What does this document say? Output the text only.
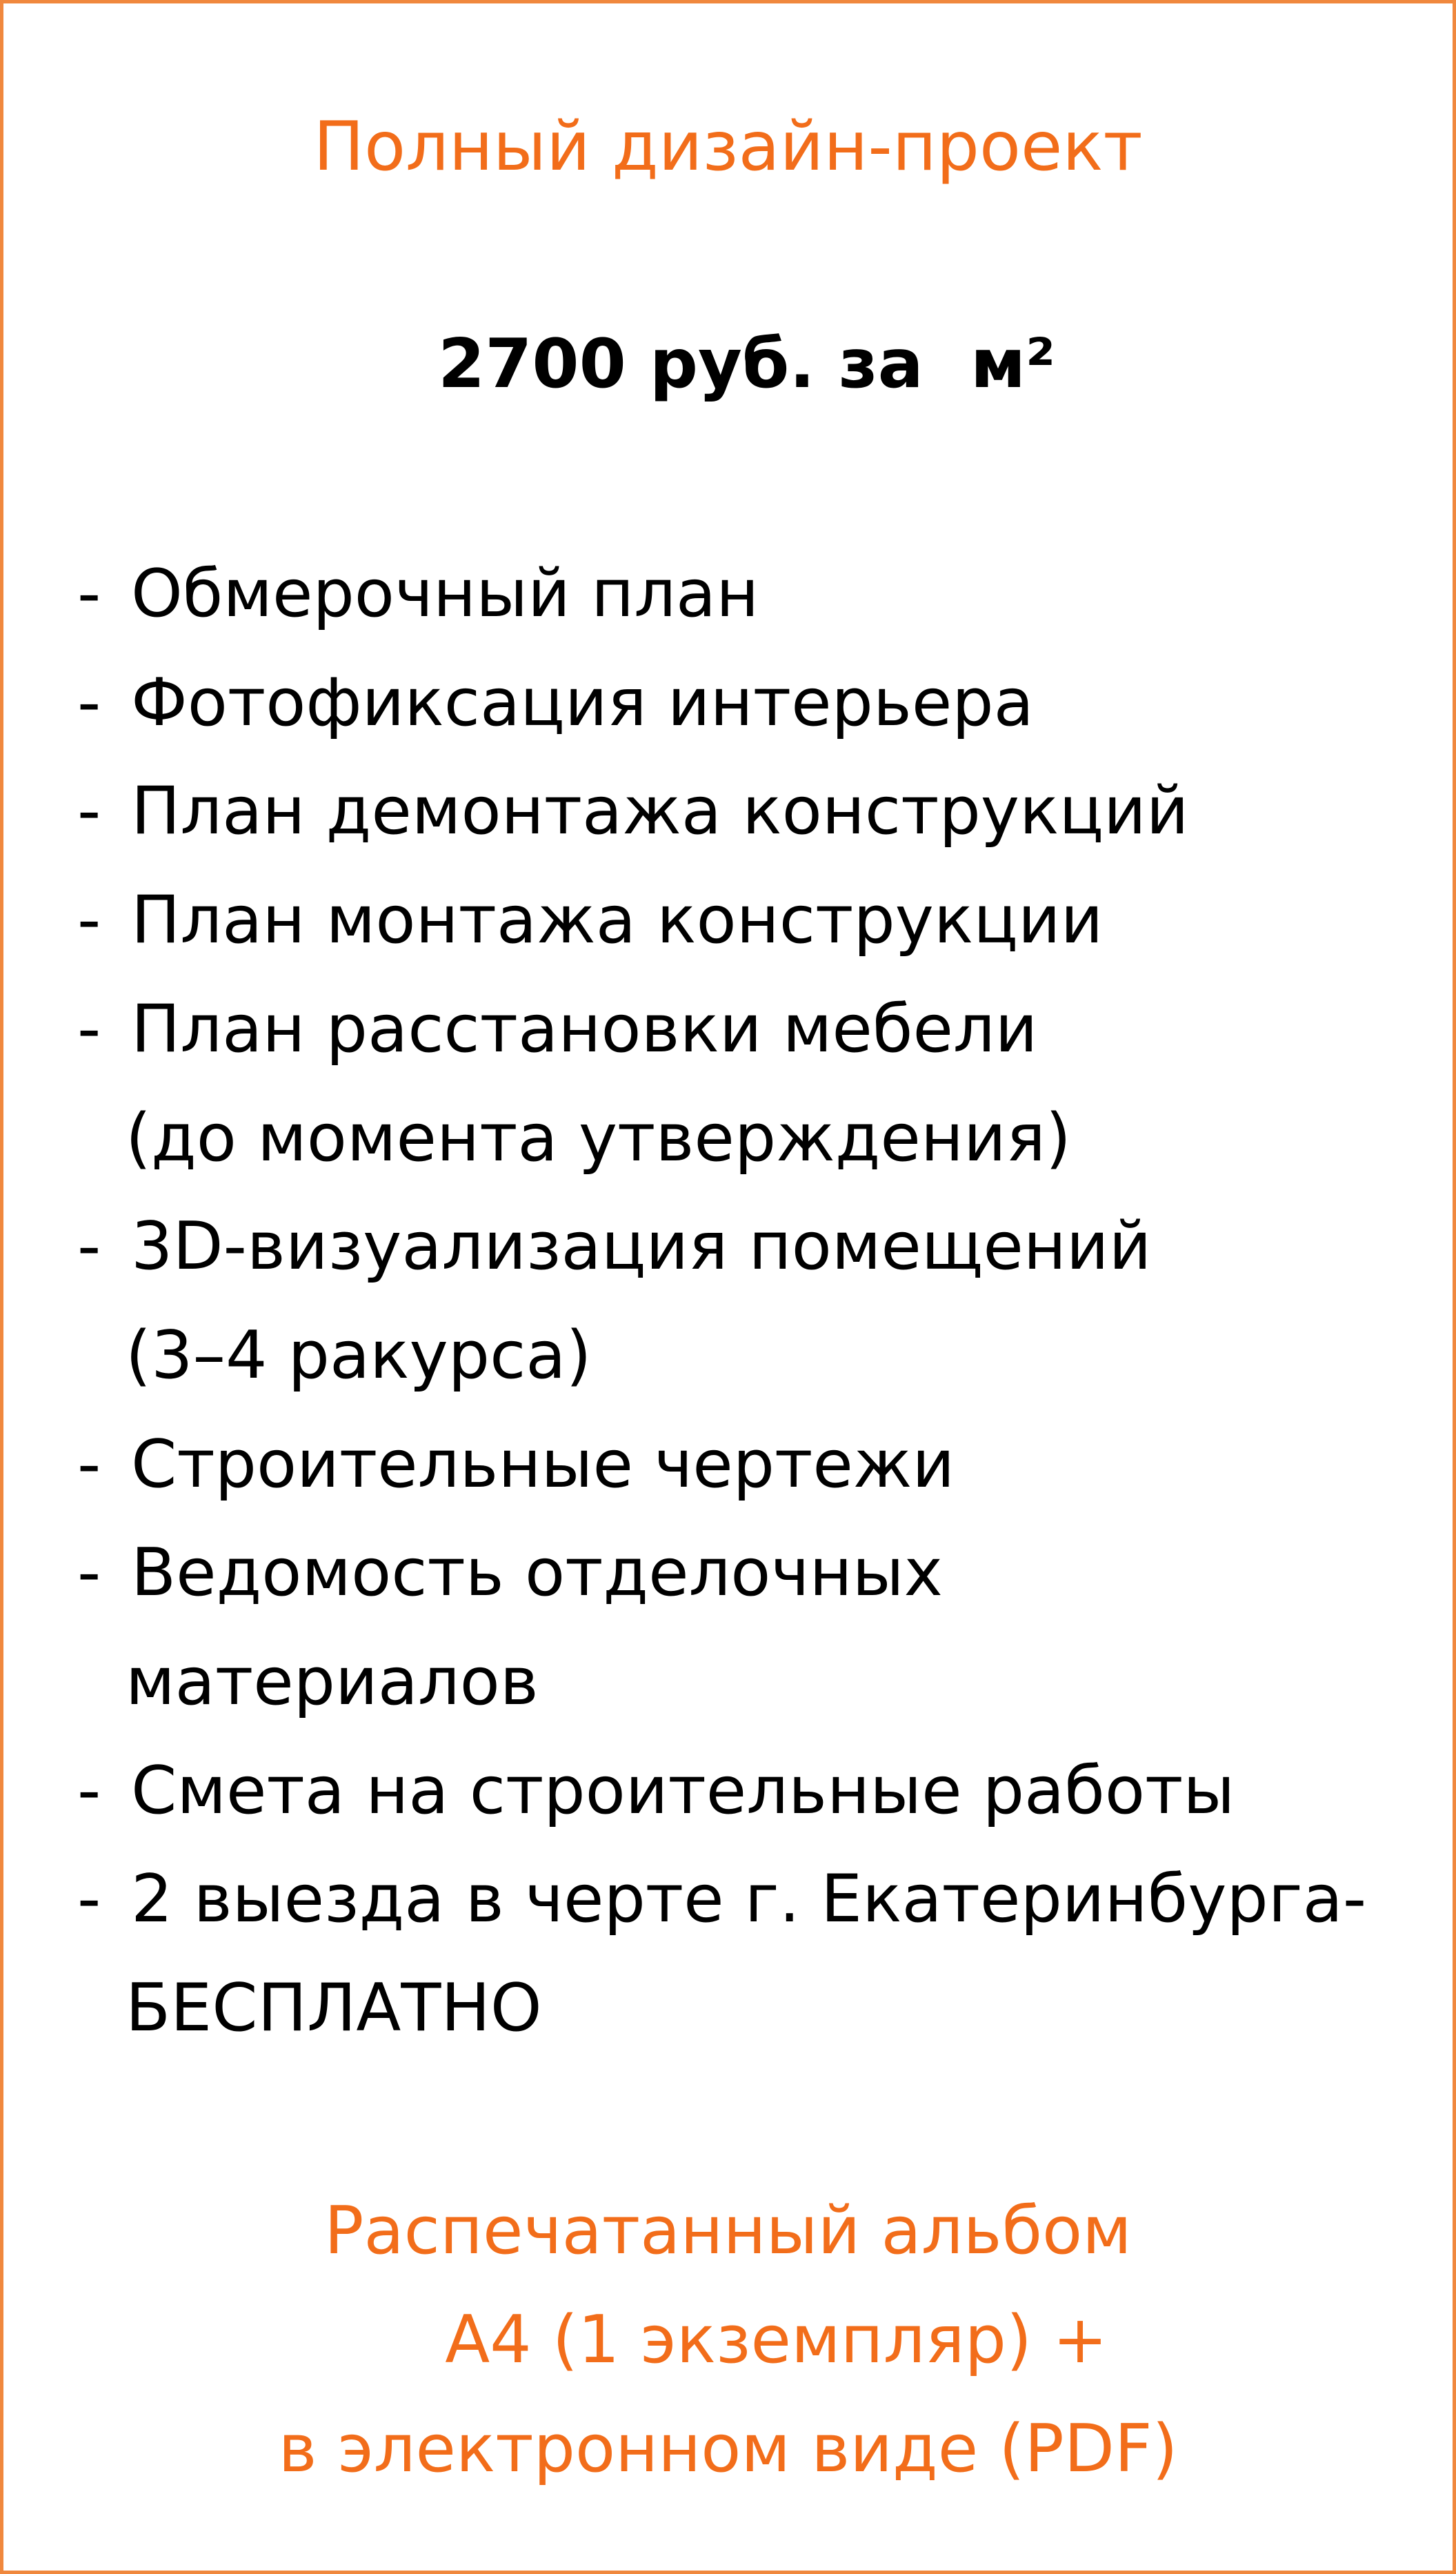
Полный дизайн-проект
2700 руб. за  м²
- Обмерочный план
- Фотофиксация интерьера
- План демонтажа конструкций
- План монтажа конструкции
- План расстановки мебели
(до момента утверждения)
- 3D-визуализация помещений
(3–4 ракурса)
- Строительные чертежи
- Ведомость отделочных
материалов
- Смета на строительные работы
- 2 выезда в черте г. Екатеринбурга-
БЕСПЛАТНО
Распечатанный альбом
А4 (1 экземпляр) +
в электронном виде (PDF)
